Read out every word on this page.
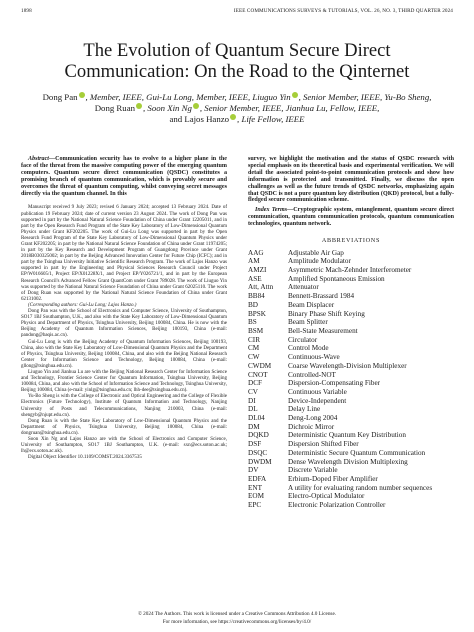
1898	IEEE COMMUNICATIONS SURVEYS & TUTORIALS, VOL. 26, NO. 3, THIRD QUARTER 2024
The Evolution of Quantum Secure Direct
Communication: On the Road to the Qinternet
Dong Pan , Member, IEEE, Gui-Lu Long, Member, IEEE, Liuguo Yin , Senior Member, IEEE, Yu-Bo Sheng,
Dong Ruan , Soon Xin Ng , Senior Member, IEEE, Jianhua Lu, Fellow, IEEE,
and Lajos Hanzo , Life Fellow, IEEE

Abstract—Communication security has to evolve to a higher plane in the face of the threat from the massive computing power of the emerging quantum computers. Quantum secure direct communication (QSDC) constitutes a promising branch of quantum communication, which is provably secure and overcomes the threat of quantum computing, whilst conveying secret messages directly via the quantum channel. In this

Manuscript received 9 July 2023; revised 6 January 2024; accepted 13 February 2024. Date of publication 19 February 2024; date of current version 23 August 2024. The work of Dong Pan was supported in part by the National Natural Science Foundation of China under Grant 12205011, and in part by the Open Research Fund Program of the State Key Laboratory of Low-Dimensional Quantum Physics under Grant KF202205. The work of Gui-Lu Long was supported in part by the Open Research Fund Program of the State Key Laboratory of Low-Dimensional Quantum Physics under Grant KF202205; in part by the National Natural Science Foundation of China under Grant 11974205; in part by the Key Research and Development Program of Guangdong Province under Grant 2018B030325002; in part by the Beijing Advanced Innovation Center for Future Chip (ICFC); and in part by the Tsinghua University Initiative Scientific Research Program. The work of Lajos Hanzo was supported in part by the Engineering and Physical Sciences Research Council under Project EP/W016605/1, Project EP/X01228X/1, and Project EP/Y026721/1, and in part by the European Research Council's Advanced Fellow Grant QuantCom under Grant 789028. The work of Liuguo Yin was supported by the National Natural Science Foundation of China under Grant 62025110. The work of Dong Ruan was supported by the National Natural Science Foundation of China under Grant 62131002.

(Corresponding authors: Gui-Lu Long; Lajos Hanzo.)

Dong Pan was with the School of Electronics and Computer Science, University of Southampton, SO17 1BJ Southampton, U.K., and also with the State Key Laboratory of Low-Dimensional Quantum Physics and Department of Physics, Tsinghua University, Beijing 100084, China. He is now with the Beijing Academy of Quantum Information Sciences, Beijing 100193, China (e-mail: pandong@baqis.ac.cn).

Gui-Lu Long is with the Beijing Academy of Quantum Information Sciences, Beijing 100193, China, also with the State Key Laboratory of Low-Dimensional Quantum Physics and the Department of Physics, Tsinghua University, Beijing 100084, China, and also with the Beijing National Research Center for Information Science and Technology, Beijing 100084, China (e-mail: gllong@tsinghua.edu.cn).

Liuguo Yin and Jianhua Lu are with the Beijing National Research Center for Information Science and Technology, Frontier Science Center for Quantum Information, Tsinghua University, Beijing 100084, China, and also with the School of Information Science and Technology, Tsinghua University, Beijing 100084, China (e-mail: yinlg@tsinghua.edu.cn; lhh-dee@tsinghua.edu.cn).

Yu-Bo Sheng is with the College of Electronic and Optical Engineering and the College of Flexible Electronics (Future Technology), Institute of Quantum Information and Technology, Nanjing University of Posts and Telecommunications, Nanjing 210003, China (e-mail: shengyb@njupt.edu.cn).

Dong Ruan is with the State Key Laboratory of Low-Dimensional Quantum Physics and the Department of Physics, Tsinghua University, Beijing 100084, China (e-mail: dongruan@tsinghua.edu.cn).

Soon Xin Ng and Lajos Hanzo are with the School of Electronics and Computer Science, University of Southampton, SO17 1BJ Southampton, U.K. (e-mail: sxn@ecs.soton.ac.uk; lh@ecs.soton.ac.uk).

Digital Object Identifier 10.1109/COMST.2024.3367535

survey, we highlight the motivation and the status of QSDC research with special emphasis on its theoretical basis and experimental verification. We will detail the associated point-to-point communication protocols and show how information is protected and transmitted. Finally, we discuss the open challenges as well as the future trends of QSDC networks, emphasizing again that QSDC is not a pure quantum key distribution (QKD) protocol, but a fully-fledged secure communication scheme.

Index Terms—Cryptographic system, entanglement, quantum secure direct communication, quantum communication protocols, quantum communication technologies, quantum network.

ABBREVIATIONS
AAG	Adjustable Air Gap
AM	Amplitude Modulator
AMZI	Asymmetric Mach-Zehnder Interferometer
ASE	Amplified Spontaneous Emission
Att, Attn	Attenuator
BB84	Bennett-Brassard 1984
BD	Beam Displacer
BPSK	Binary Phase Shift Keying
BS	Beam Splitter
BSM	Bell-State Measurement
CIR	Circulator
CM	Control Mode
CW	Continuous-Wave
CWDM	Coarse Wavelength-Division Multiplexer
CNOT	Controlled-NOT
DCF	Dispersion-Compensating Fiber
CV	Continuous Variable
DI	Device-Independent
DL	Delay Line
DL04	Deng-Long 2004
DM	Dichroic Mirror
DQKD	Deterministic Quantum Key Distribution
DSF	Dispersion Shifted Fiber
DSQC	Deterministic Secure Quantum Communication
DWDM	Dense Wavelength Division Multiplexing
DV	Discrete Variable
EDFA	Erbium-Doped Fiber Amplifier
ENT	A utility for evaluating random number sequences
EOM	Electro-Optical Modulator
EPC	Electronic Polarization Controller
© 2024 The Authors. This work is licensed under a Creative Commons Attribution 4.0 License.
For more information, see https://creativecommons.org/licenses/by/4.0/
